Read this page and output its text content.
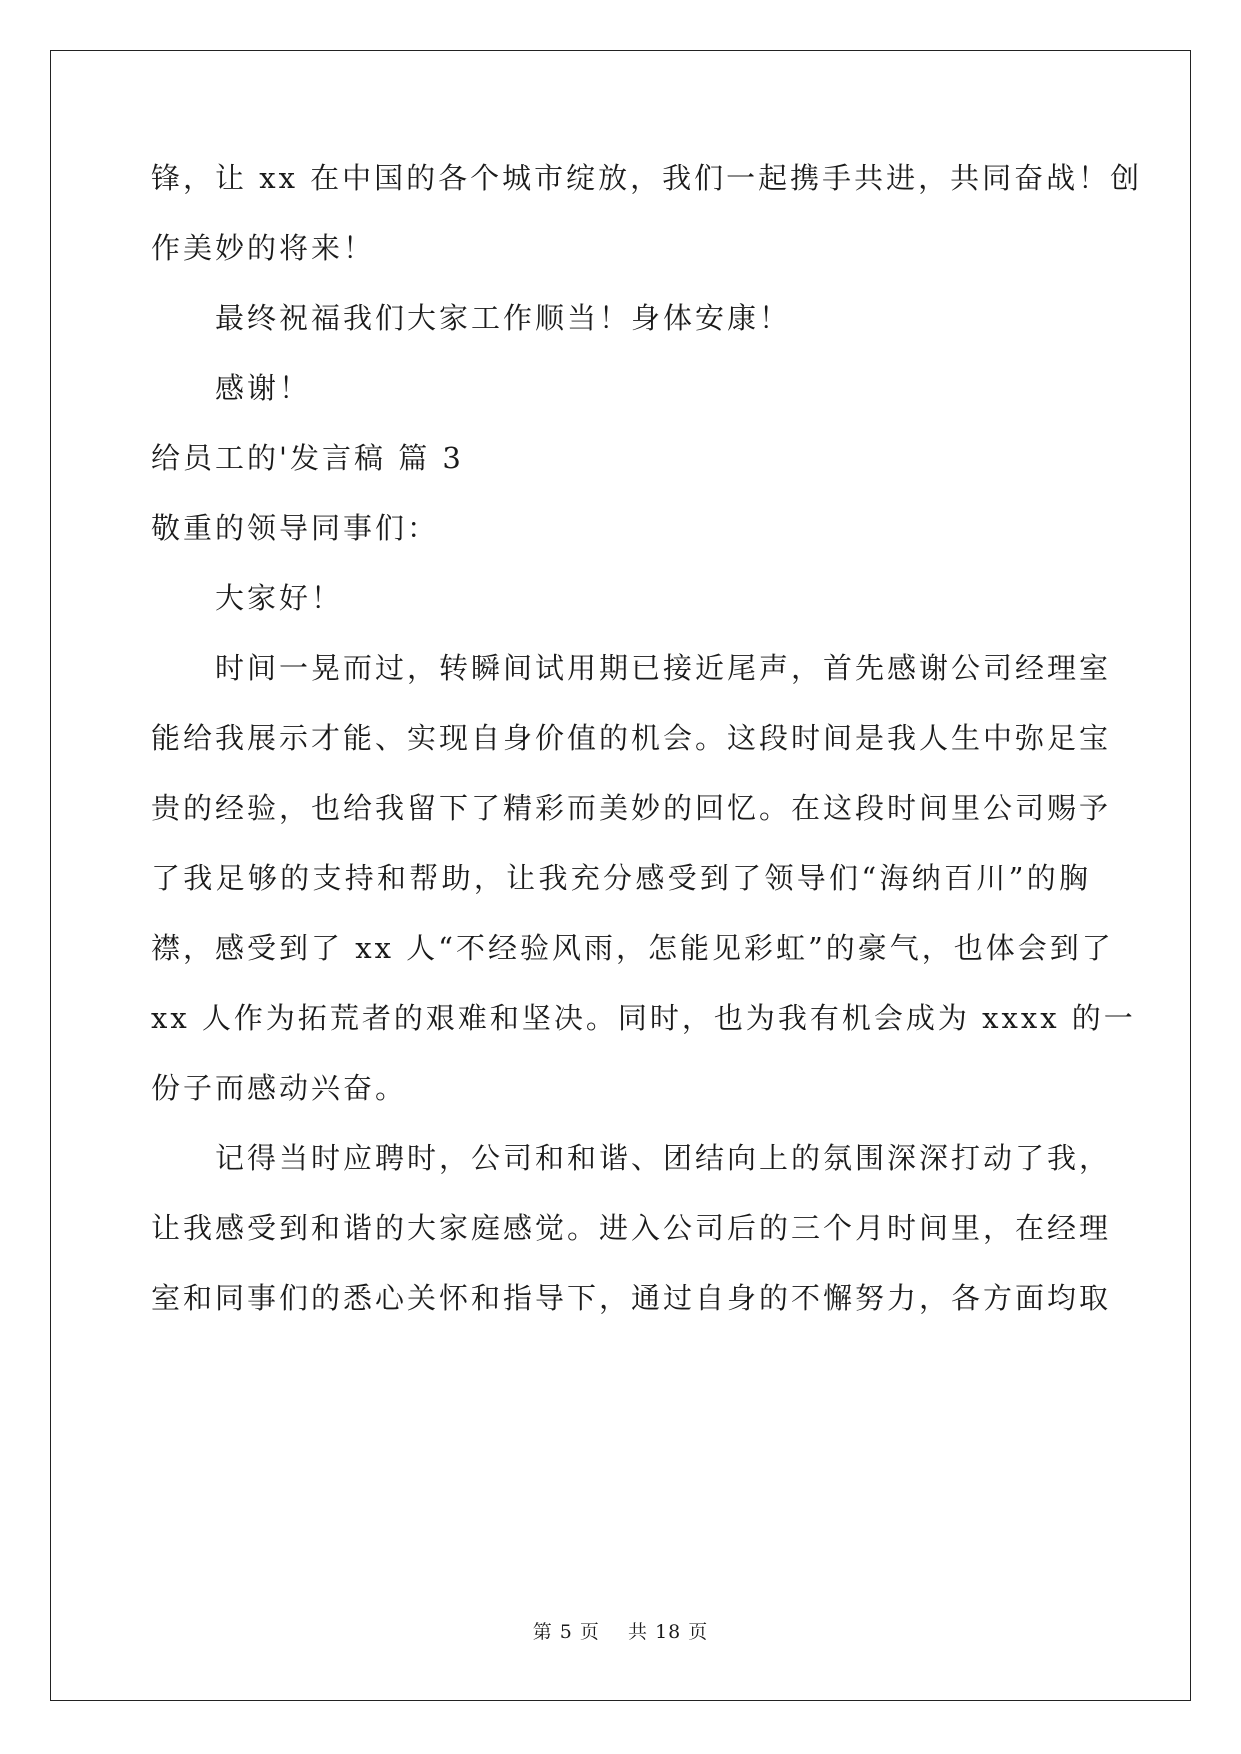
锋，让 xx 在中国的各个城市绽放，我们一起携手共进，共同奋战！创
作美妙的将来！
最终祝福我们大家工作顺当！身体安康！
感谢！
给员工的'发言稿 篇 3
敬重的领导同事们：
大家好！
时间一晃而过，转瞬间试用期已接近尾声，首先感谢公司经理室
能给我展示才能、实现自身价值的机会。这段时间是我人生中弥足宝
贵的经验，也给我留下了精彩而美妙的回忆。在这段时间里公司赐予
了我足够的支持和帮助，让我充分感受到了领导们“海纳百川”的胸
襟，感受到了 xx 人“不经验风雨，怎能见彩虹”的豪气，也体会到了
xx 人作为拓荒者的艰难和坚决。同时，也为我有机会成为 xxxx 的一
份子而感动兴奋。
记得当时应聘时，公司和和谐、团结向上的氛围深深打动了我，
让我感受到和谐的大家庭感觉。进入公司后的三个月时间里，在经理
室和同事们的悉心关怀和指导下，通过自身的不懈努力，各方面均取
第 5 页    共 18 页
